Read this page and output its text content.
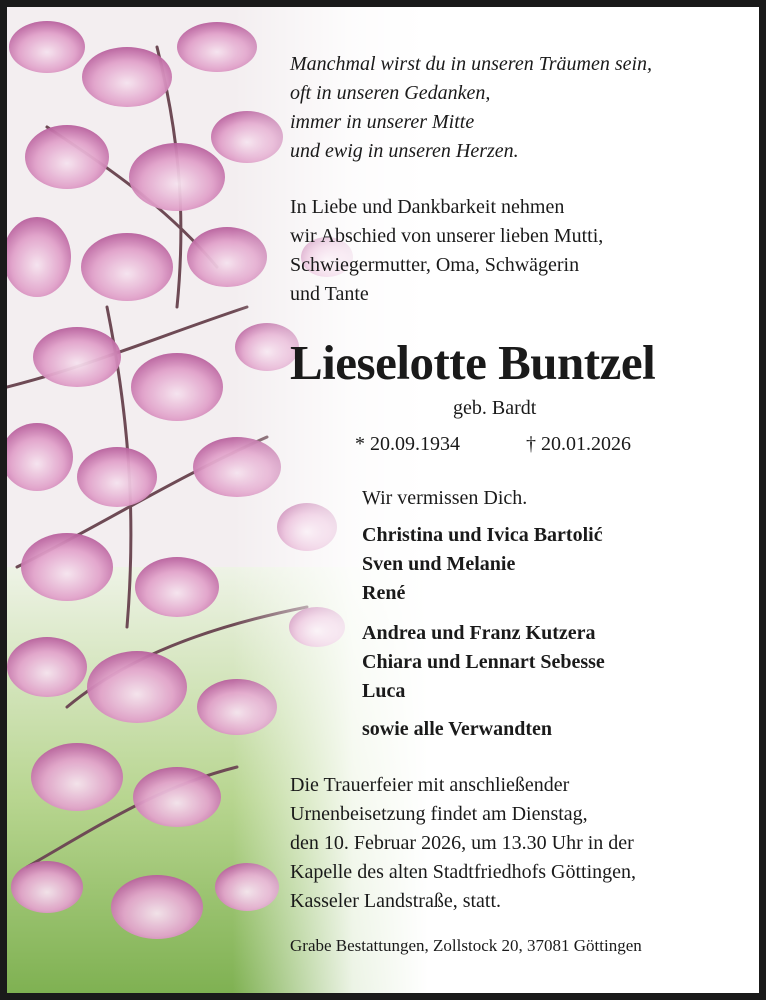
Manchmal wirst du in unseren Träumen sein,
oft in unseren Gedanken,
immer in unserer Mitte
und ewig in unseren Herzen.
In Liebe und Dankbarkeit nehmen
wir Abschied von unserer lieben Mutti,
Schwiegermutter, Oma, Schwägerin
und Tante
Lieselotte Buntzel
geb. Bardt
* 20.09.1934	† 20.01.2026
Wir vermissen Dich.
Christina und Ivica Bartolić
Sven und Melanie
René
Andrea und Franz Kutzera
Chiara und Lennart Sebesse
Luca
sowie alle Verwandten
Die Trauerfeier mit anschließender
Urnenbeisetzung findet am Dienstag,
den 10. Februar 2026, um 13.30 Uhr in der
Kapelle des alten Stadtfriedhofs Göttingen,
Kasseler Landstraße, statt.
Grabe Bestattungen, Zollstock 20, 37081 Göttingen
